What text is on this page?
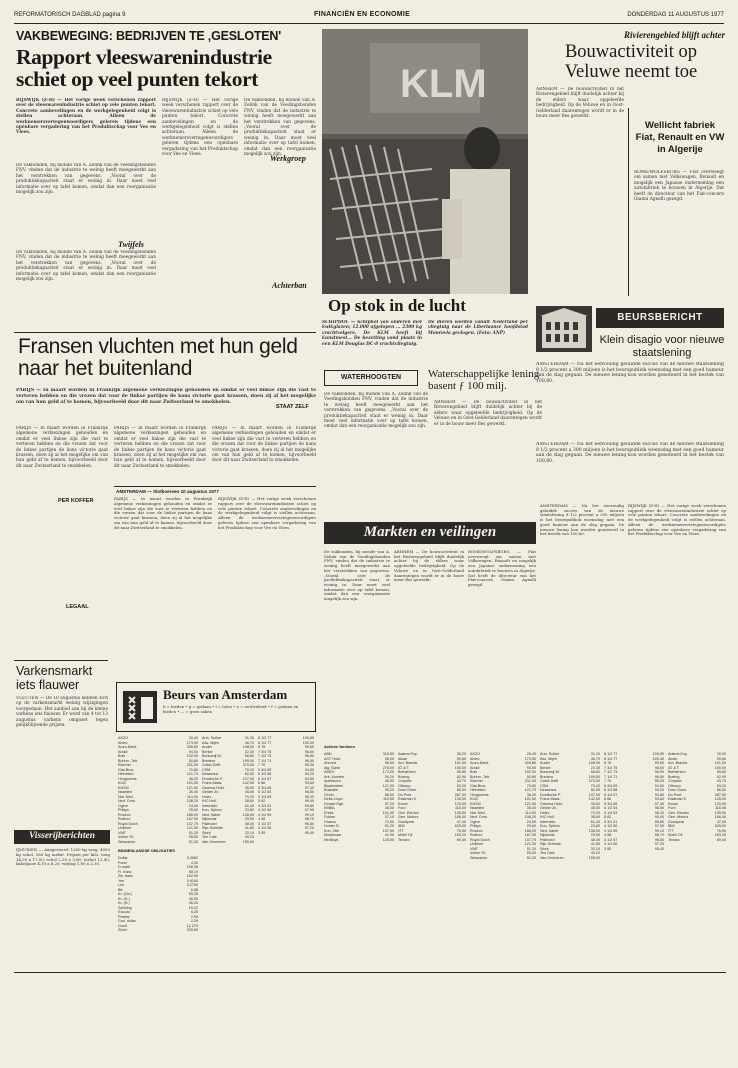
REFORMATORISCH DAGBLAD pagina 9	FINANCIËN EN ECONOMIE	DONDERDAG 11 AUGUSTUS 1977
VAKBEWEGING: BEDRIJVEN TE ‚GESLOTEN'
Rapport vleeswarenindustrie schiet op veel punten tekort
RIJSWIJK (Z-H) — Het vorige week verschenen rapport over de vleeswarenindustrie schiet op vele punten tekort. Concrete aanbevelingen en de werkgelegenheid volgt is stellen achteraan. Alleen de werknemersvertegenwoordigers geleren tijdens een openbare vergadering van het Produktschap voor Vee en Vlees.
De vakbonden, bij monde van A. Zelink van de Voedingsbonden FNV, vinden dat de industrie te weinig heeft meegewerkt aan het verstrekken van gegevens. „Vooral over de produktiekapaciteit staat er weinig in. Daar moet veel informatie over op tafel komen, omdat dan een reorganisatie mogelijk zou zijn.
Twijfels
De vakbonden, bij monde van A. Zelink van de Voedingsbonden FNV, vinden dat de industrie te weinig heeft meegewerkt aan het verstrekken van gegevens. „Vooral over de produktiekapaciteit staat er weinig in. Daar moet veel informatie over op tafel komen, omdat dan een reorganisatie mogelijk zou zijn.
RIJSWIJK (Z-H) — Het vorige week verschenen rapport over de vleeswarenindustrie schiet op vele punten tekort. Concrete aanbevelingen en de werkgelegenheid volgt is stellen achteraan. Alleen de werknemersvertegenwoordigers geleren tijdens een openbare vergadering van het Produktschap voor Vee en Vlees.	Werkgroep
De vakbonden, bij monde van A. Zelink van de Voedingsbonden FNV, vinden dat de industrie te weinig heeft meegewerkt aan het verstrekken van gegevens. „Vooral over de produktiekapaciteit staat er weinig in. Daar moet veel informatie over op tafel komen, omdat dan een reorganisatie mogelijk zou zijn.
Achterban
KLM
Op stok in de lucht
SCHIPHOL — Schiphol van onderen met kwikglazen; 12.000 afgelopen ... 2300 kg vrachtvolgers. De KLM heeft bij kunstmest... De bezetting vond plaats in een KLM Douglas DC-8 vrachtvliegtuig.
De dieren worden vanuit Nederland per vliegtuig naar de Liberiaanse hoofdstad Monrovia gevlogen. (Foto: ANP)
Rivierengebied blijft achter
Bouwactiviteit op Veluwe neemt toe
ARNHEM — De bouwactiviteit in het Rivierengebied blijft duidelijk achter bij de elders waar opgeleefde bedrijvigheid. Op de Veluwe en in Oost-Gelderland daarentegen wordt er in de bouw meer fles gewerkt.
Wellicht fabriek Fiat, Renault en VW in Algerije
ROME/WOLFSBURG — Fiat overweegt om samen met Volkswagen, Renault en mogelijk een Japanse onderneming een autofabriek te bouwen in Algerije. Dat heeft de directeur van het Fiat-concern Gianni Agnelli gezegd.
Fransen vluchten met hun geld naar het buitenland
PARIJS — In maart worden in Frankrijk algemene verkiezingen gehouden en omdat er veel linkse zijn die vast te verteren hebben en die vrezen dat voor de linkse partijen de kans victorie gaat krassen, doen zij al het mogelijke om van hun geld af te komen, bijvoorbeeld door dit naar Zwitserland te smokkelen.
PARIJS — In maart worden in Frankrijk algemene verkiezingen gehouden en omdat er veel linkse zijn die vast te verteren hebben en die vrezen dat voor de linkse partijen de kans victorie gaat krassen, doen zij al het mogelijke om van hun geld af te komen, bijvoorbeeld door dit naar Zwitserland te smokkelen.
PER KOFFER
LEGAAL
PARIJS — In maart worden in Frankrijk algemene verkiezingen gehouden en omdat er veel linkse zijn die vast te verteren hebben en die vrezen dat voor de linkse partijen de kans victorie gaat krassen, doen zij al het mogelijke om van hun geld af te komen, bijvoorbeeld door dit naar Zwitserland te smokkelen.
PARIJS — In maart worden in Frankrijk algemene verkiezingen gehouden en omdat er veel linkse zijn die vast te verteren hebben en die vrezen dat voor de linkse partijen de kans victorie gaat krassen, doen zij al het mogelijke om van hun geld af te komen, bijvoorbeeld door dit naar Zwitserland te smokkelen.
STAAT ZELF
WATERHOOGTEN	Waterschappelijke lening basent ƒ 100 milj.
De vakbonden, bij monde van A. Zelink van de Voedingsbonden FNV, vinden dat de industrie te weinig heeft meegewerkt aan het verstrekken van gegevens. „Vooral over de produktiekapaciteit staat er weinig in. Daar moet veel informatie over op tafel komen, omdat dan een reorganisatie mogelijk zou zijn.
ARNHEM — De bouwactiviteit in het Rivierengebied blijft duidelijk achter bij de elders waar opgeleefde bedrijvigheid. Op de Veluwe en in Oost-Gelderland daarentegen wordt er in de bouw meer fles gewerkt.
BEURSBERICHT
Klein disagio voor nieuwe staatslening
AMSTERDAM — Na het eenvoudig geluidde succes van de nieuwe staatslening 8 1/2 procent a 300 miljoen is het beurspubliek woensdag met een goed humeur aan de slag gegaan. De nieuwe lening kon worden genoteerd in het bestek van 100,80.
AMSTERDAM — Na het eenvoudig geluidde succes van de nieuwe staatslening 8 1/2 procent a 300 miljoen is het beurspubliek woensdag met een goed humeur aan de slag gegaan. De nieuwe lening kon worden genoteerd in het bestek van 100,80.
Markten en veilingen
AMSTERDAM — Slotkoersen 10 augustus 1977
PARIJS — In maart worden in Frankrijk algemene verkiezingen gehouden en omdat er veel linkse zijn die vast te verteren hebben en die vrezen dat voor de linkse partijen de kans victorie gaat krassen, doen zij al het mogelijke om van hun geld af te komen, bijvoorbeeld door dit naar Zwitserland te smokkelen.
RIJSWIJK (Z-H) — Het vorige week verschenen rapport over de vleeswarenindustrie schiet op vele punten tekort. Concrete aanbevelingen en de werkgelegenheid volgt is stellen achteraan. Alleen de werknemersvertegenwoordigers geleren tijdens een openbare vergadering van het Produktschap voor Vee en Vlees.
De vakbonden, bij monde van A. Zelink van de Voedingsbonden FNV, vinden dat de industrie te weinig heeft meegewerkt aan het verstrekken van gegevens. „Vooral over de produktiekapaciteit staat er weinig in. Daar moet veel informatie over op tafel komen, omdat dan een reorganisatie mogelijk zou zijn.
ARNHEM — De bouwactiviteit in het Rivierengebied blijft duidelijk achter bij de elders waar opgeleefde bedrijvigheid. Op de Veluwe en in Oost-Gelderland daarentegen wordt er in de bouw meer fles gewerkt.
ROME/WOLFSBURG — Fiat overweegt om samen met Volkswagen, Renault en mogelijk een Japanse onderneming een autofabriek te bouwen in Algerije. Dat heeft de directeur van het Fiat-concern Gianni Agnelli gezegd.
AMSTERDAM — Na het eenvoudig geluidde succes van de nieuwe staatslening 8 1/2 procent a 300 miljoen is het beurspubliek woensdag met een goed humeur aan de slag gegaan. De nieuwe lening kon worden genoteerd in het bestek van 100,80.
RIJSWIJK (Z-H) — Het vorige week verschenen rapport over de vleeswarenindustrie schiet op vele punten tekort. Concrete aanbevelingen en de werkgelegenheid volgt is stellen achteraan. Alleen de werknemersvertegenwoordigers geleren tijdens een openbare vergadering van het Produktschap voor Vee en Vlees.
Varkensmarkt iets flauwer
VLEUTEN — De 10 augustus hebben zich op de varkensmarkt weinig wijzigingen voorgedaan. Het aanbod aan bij de kleine varkens iets flauwer. Er werd van 4 tot 13 augustus varkens omgezet tegen gelijkblijvende prijzen.
Beurs van Amsterdam
b = bieden • g = gedaan • l = laten • e = ex-dividend • f = gedaan en bieden • — = geen zaken
Visserijberichten
IJMUIDEN — Aangevoerd: 1200 kg tong, 4000 kg schol, 560 kg tarbot. Prijzen per kilo: tong 14,50 a 17,00; schol 2,20 a 3,80; tarbot 12,40; kabeljauw 4,10 a 6,20; wijting 1,60 a 2,30.
AKZO	26,40
Amev	173,50
Amro-Bank	326,80
Ahold	94,00
Bols	102,00
Buhrm.-Tett.	50,80
Elsevier	231,00
Gist-Broc.	70,80
Heineken	121,70
Hoogovens	36,20
KLM	101,50
KNSM	121,50
Naarden	36,40
Nat. Ned.	114,00
Ned. Cred.	108,20
Ogem	24,50
Philips	25,60
Robeco	186,00
Rolinco	167,50
Royal Dutch	137,70
Unilever	121,30
VMF	51,20
Volker St.	55,00
Wessanen	51,30
BINNENLANDSE OBLIGATIES
Dollar	2,4662
Pond	4,30
D-mark	106,36
Fr. franc	50,10
Zw. franc	102,90
Yen	0,9240
Lire	0,2790
Bfr.	6,88
Kr. (Zw.)	55,35
Kr. (D.)	40,50
Kr. (N.)	46,20
Schilling	15,01
Escudo	6,25
Peseta	2,90
Can. dollar	2,29
Goud	12.270
Zilver	339,50
Arm. Suiker	31,20
Ass. Mijen	46,70
Audet	108,00
Berkel	22,30
Borsumij W.	58,80
Bredero	199,50
Calvé-Delft	370,00
CSM	70,20
Desseaux	82,00
Dordtsche P.	107,00
Frans Maas	142,00
Gamma Hold.	35,50
Gelder Zn.	45,00
Holec	70,20
IHC Holl.	38,60
Internatio	61,40
Kon. Sphinx	23,80
Ned. Kabel	138,00
Nijverdal	29,50
Pakhoed	48,40
Rijn-Schelde	41,80
Stork	32,10
Ten Cate	49,20
Van Ommeren	155,00
8 1/2 77	100,80
8 1/4 77	100,40
8 76	99,60
7 3/4 75	98,60
7 1/2 73	96,90
7 1/4 71	96,50
7 70	95,30
6 3/4 69	94,60
6 1/2 68	94,20
6 1/4 67	93,80
6 66	94,60
5 3/4 65	97,40
5 1/2 64	98,50
5 1/4 63	98,30
5 62	99,40
4 3/4 61	99,80
4 1/2 60	97,90
4 1/4 59	99,10
4 58	98,70
3 1/2 57	96,80
3 1/4 56	97,20
3 55	95,40
ABN	318,50
ACF Hold.	98,00
Ahrend	56,50
Alg. Bank	278,00
AMEV	173,00
Ant. Kunstm.	34,20
Apeldoorn	46,00
Blydenstein	121,00
Boskalis	95,20
Cindu	86,00
Delta Lloyd	110,50
Douwe Egb.	97,20
EMBA	38,00
Ennia	141,00
Fokker	37,10
Grasso	73,50
Hunter D.	51,20
Kon. Olie	137,50
Moolenaar	41,00
Nedlloyd	128,50
Adams Exp.	30,20
Alcan	59,60
Am. Brands	101,00
AT & T	150,00
Bethlehem	55,80
Boeing	62,90
Chrysler	43,70
Citicorp	63,20
Dow Chem.	86,50
Du Pont	287,50
Eastman K.	135,00
Exxon	120,50
Ford	115,00
Gen. Electric	135,50
Gen. Motors	166,40
Goodyear	47,40
IBM	625,00
ITT	76,50
Mobil Oil	163,20
Texaco	69,40
AKZO	26,40
Amev	173,50
Amro-Bank	326,80
Ahold	94,00
Bols	102,00
Buhrm.-Tett.	50,80
Elsevier	231,00
Gist-Broc.	70,80
Heineken	121,70
Hoogovens	36,20
KLM	101,50
KNSM	121,50
Naarden	36,40
Nat. Ned.	114,00
Ned. Cred.	108,20
Ogem	24,50
Philips	25,60
Robeco	186,00
Rolinco	167,50
Royal Dutch	137,70
Unilever	121,30
VMF	51,20
Volker St.	55,00
Wessanen	51,30
Arm. Suiker	31,20
Ass. Mijen	46,70
Audet	108,00
Berkel	22,30
Borsumij W.	58,80
Bredero	199,50
Calvé-Delft	370,00
CSM	70,20
Desseaux	82,00
Dordtsche P.	107,00
Frans Maas	142,00
Gamma Hold.	35,50
Gelder Zn.	45,00
Holec	70,20
IHC Holl.	38,60
Internatio	61,40
Kon. Sphinx	23,80
Ned. Kabel	138,00
Nijverdal	29,50
Pakhoed	48,40
Rijn-Schelde	41,80
Stork	32,10
Ten Cate	49,20
Van Ommeren	155,00
8 1/2 77	100,80
8 1/4 77	100,40
8 76	99,60
7 3/4 75	98,60
7 1/2 73	96,90
7 1/4 71	96,50
7 70	95,30
6 3/4 69	94,60
6 1/2 68	94,20
6 1/4 67	93,80
6 66	94,60
5 3/4 65	97,40
5 1/2 64	98,50
5 1/4 63	98,30
5 62	99,40
4 3/4 61	99,80
4 1/2 60	97,90
4 1/4 59	99,10
4 58	98,70
3 1/2 57	96,80
3 1/4 56	97,20
3 55	95,40
Adams Exp.	30,20
Alcan	59,60
Am. Brands	101,00
AT & T	150,00
Bethlehem	55,80
Boeing	62,90
Chrysler	43,70
Citicorp	63,20
Dow Chem.	86,50
Du Pont	287,50
Eastman K.	135,00
Exxon	120,50
Ford	115,00
Gen. Electric	135,50
Gen. Motors	166,40
Goodyear	47,40
IBM	625,00
ITT	76,50
Mobil Oil	163,20
Texaco	69,40
Actieve fondsen
